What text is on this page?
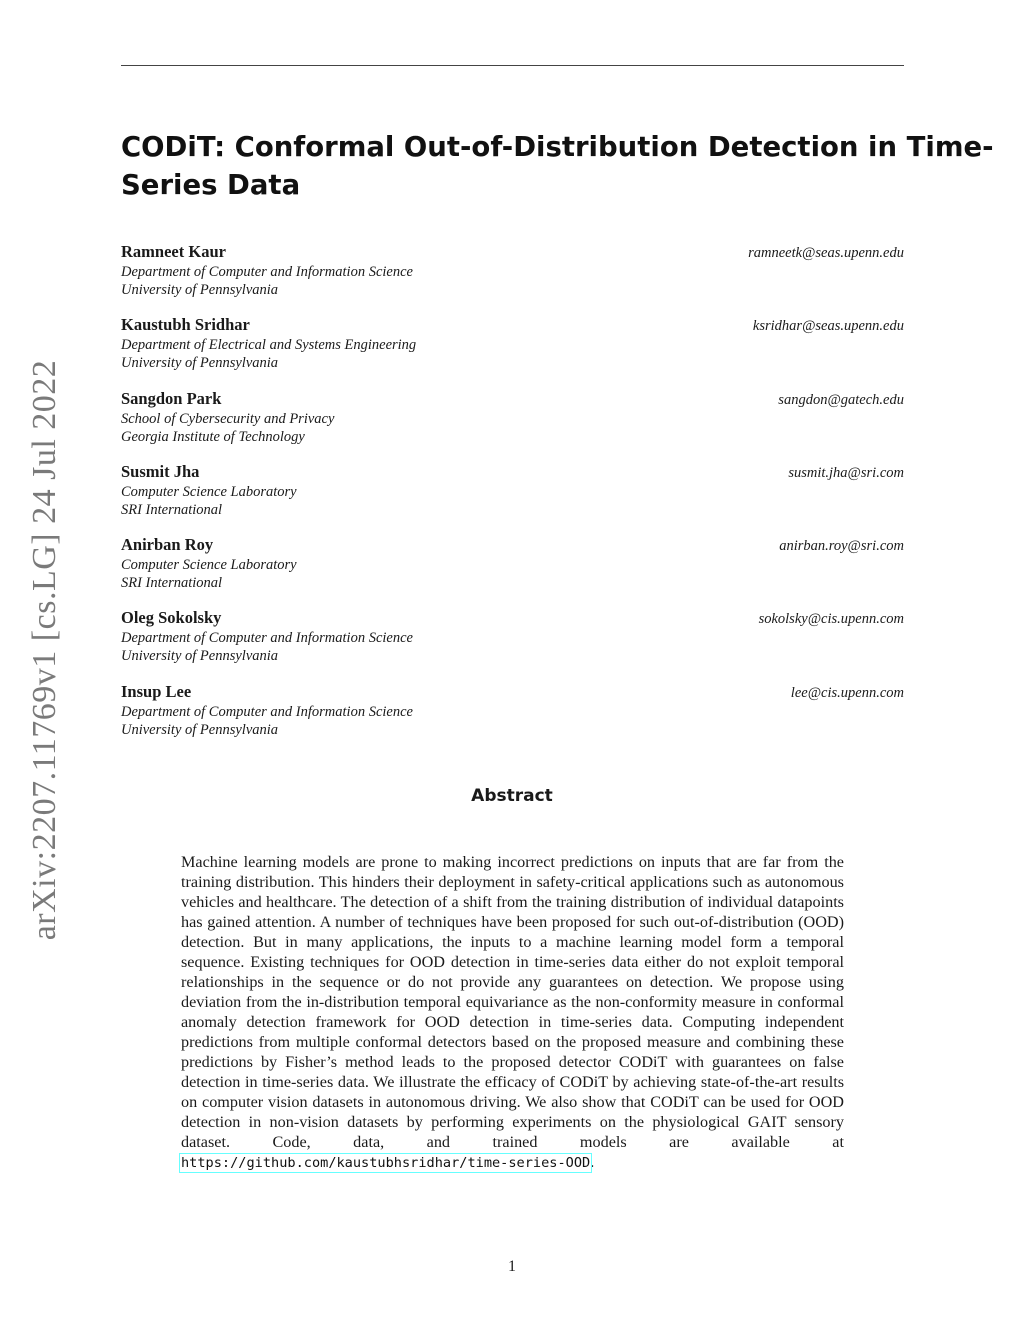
arXiv:2207.11769v1 [cs.LG] 24 Jul 2022
CODiT: Conformal Out-of-Distribution Detection in Time-
Series Data
Ramneet Kaur	ramneetk@seas.upenn.edu
Department of Computer and Information Science
University of Pennsylvania
Kaustubh Sridhar	ksridhar@seas.upenn.edu
Department of Electrical and Systems Engineering
University of Pennsylvania
Sangdon Park	sangdon@gatech.edu
School of Cybersecurity and Privacy
Georgia Institute of Technology
Susmit Jha	susmit.jha@sri.com
Computer Science Laboratory
SRI International
Anirban Roy	anirban.roy@sri.com
Computer Science Laboratory
SRI International
Oleg Sokolsky	sokolsky@cis.upenn.com
Department of Computer and Information Science
University of Pennsylvania
Insup Lee	lee@cis.upenn.com
Department of Computer and Information Science
University of Pennsylvania
Abstract

Machine learning models are prone to making incorrect predictions on inputs that are far from the training distribution. This hinders their deployment in safety-critical applications such as autonomous vehicles and healthcare. The detection of a shift from the training distribution of individual datapoints has gained attention. A number of techniques have been proposed for such out-of-distribution (OOD) detection. But in many applications, the inputs to a machine learning model form a temporal sequence. Existing techniques for OOD detection in time-series data either do not exploit temporal relationships in the sequence or do not provide any guarantees on detection. We propose using deviation from the in-distribution temporal equivariance as the non-conformity measure in conformal anomaly detection framework for OOD detection in time-series data. Computing independent predictions from multiple conformal detectors based on the proposed measure and combining these predictions by Fisher’s method leads to the proposed detector CODiT with guarantees on false detection in time-series data. We illustrate the efficacy of CODiT by achieving state-of-the-art results on computer vision datasets in autonomous driving. We also show that CODiT can be used for OOD detection in non-vision datasets by performing experiments on the physiological GAIT sensory dataset. Code, data, and trained models are available at https://github.com/kaustubhsridhar/time-series-OOD.

1
